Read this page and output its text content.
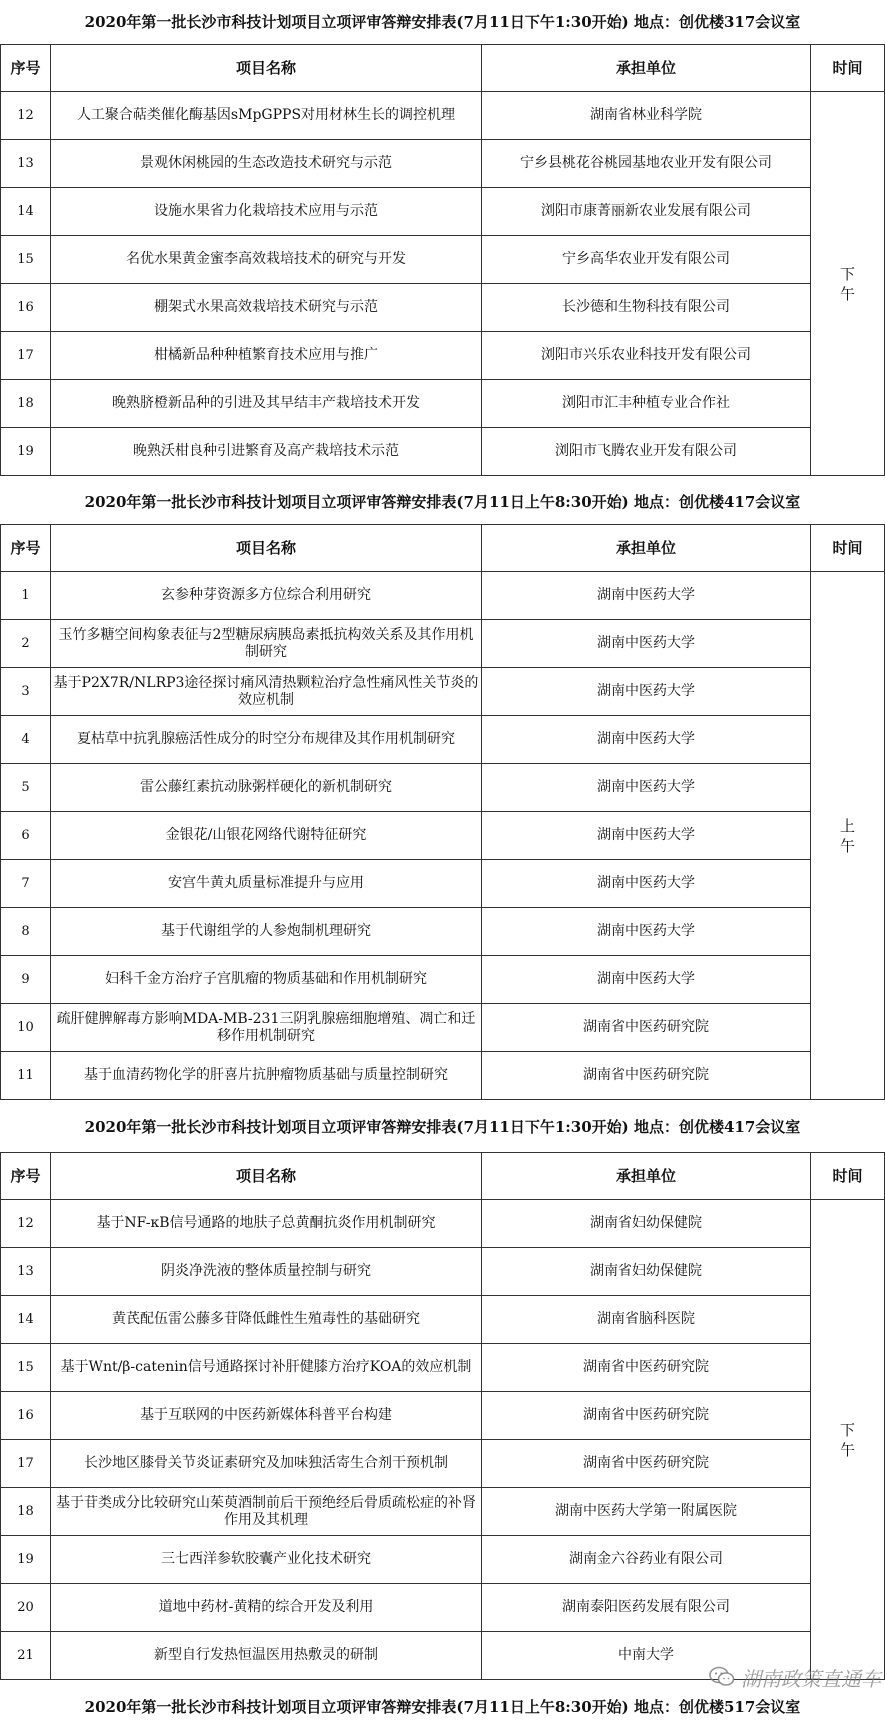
2020年第一批长沙市科技计划项目立项评审答辩安排表(7月11日下午1:30开始) 地点：创优楼317会议室
序号	项目名称	承担单位	时间
12	人工聚合萜类催化酶基因sMpGPPS对用材林生长的调控机理	湖南省林业科学院	下午

13	景观休闲桃园的生态改造技术研究与示范	宁乡县桃花谷桃园基地农业开发有限公司	
14	设施水果省力化栽培技术应用与示范	浏阳市康菁丽新农业发展有限公司	
15	名优水果黄金蜜李高效栽培技术的研究与开发	宁乡高华农业开发有限公司	
16	棚架式水果高效栽培技术研究与示范	长沙德和生物科技有限公司	
17	柑橘新品种种植繁育技术应用与推广	浏阳市兴乐农业科技开发有限公司	
18	晚熟脐橙新品种的引进及其早结丰产栽培技术开发	浏阳市汇丰种植专业合作社	
19	晚熟沃柑良种引进繁育及高产栽培技术示范	浏阳市飞腾农业开发有限公司	
2020年第一批长沙市科技计划项目立项评审答辩安排表(7月11日上午8:30开始) 地点：创优楼417会议室
序号	项目名称	承担单位	时间
1	玄参种芽资源多方位综合利用研究	湖南中医药大学	上午

2	玉竹多糖空间构象表征与2型糖尿病胰岛素抵抗构效关系及其作用机制研究	湖南中医药大学	
3	基于P2X7R/NLRP3途径探讨痛风清热颗粒治疗急性痛风性关节炎的效应机制	湖南中医药大学	
4	夏枯草中抗乳腺癌活性成分的时空分布规律及其作用机制研究	湖南中医药大学	
5	雷公藤红素抗动脉粥样硬化的新机制研究	湖南中医药大学	
6	金银花/山银花网络代谢特征研究	湖南中医药大学	
7	安宫牛黄丸质量标准提升与应用	湖南中医药大学	
8	基于代谢组学的人参炮制机理研究	湖南中医药大学	
9	妇科千金方治疗子宫肌瘤的物质基础和作用机制研究	湖南中医药大学	
10	疏肝健脾解毒方影响MDA-MB-231三阴乳腺癌细胞增殖、凋亡和迁移作用机制研究	湖南省中医药研究院	
11	基于血清药物化学的肝喜片抗肿瘤物质基础与质量控制研究	湖南省中医药研究院	
2020年第一批长沙市科技计划项目立项评审答辩安排表(7月11日下午1:30开始) 地点：创优楼417会议室
序号	项目名称	承担单位	时间
12	基于NF-κB信号通路的地肤子总黄酮抗炎作用机制研究	湖南省妇幼保健院	下午

13	阴炎净洗液的整体质量控制与研究	湖南省妇幼保健院	
14	黄芪配伍雷公藤多苷降低雌性生殖毒性的基础研究	湖南省脑科医院	
15	基于Wnt/β-catenin信号通路探讨补肝健膝方治疗KOA的效应机制	湖南省中医药研究院	
16	基于互联网的中医药新媒体科普平台构建	湖南省中医药研究院	
17	长沙地区膝骨关节炎证素研究及加味独活寄生合剂干预机制	湖南省中医药研究院	
18	基于苷类成分比较研究山茱萸酒制前后干预绝经后骨质疏松症的补肾作用及其机理	湖南中医药大学第一附属医院	
19	三七西洋参软胶囊产业化技术研究	湖南金六谷药业有限公司	
20	道地中药材-黄精的综合开发及利用	湖南泰阳医药发展有限公司	
21	新型自行发热恒温医用热敷灵的研制	中南大学	
2020年第一批长沙市科技计划项目立项评审答辩安排表(7月11日上午8:30开始) 地点：创优楼517会议室
湖南政策直通车
